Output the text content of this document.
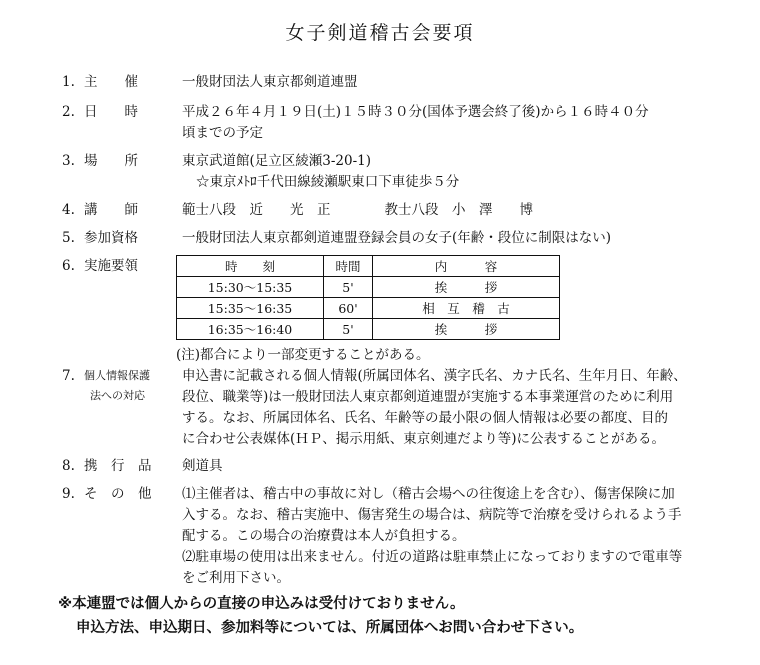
女子剣道稽古会要項
1. 主　　催	一般財団法人東京都剣道連盟

2. 日　　時	平成２６年４月１９日(土)１５時３０分(国体予選会終了後)から１６時４０分

頃までの予定

3. 場　　所	東京武道館(足立区綾瀬3-20-1)

☆東京ﾒﾄﾛ千代田線綾瀬駅東口下車徒歩５分

4. 講　　師	範士八段　近　　光　正　　　　教士八段　小　澤　　博

5. 参加資格	一般財団法人東京都剣道連盟登録会員の女子(年齢・段位に制限はない)

6. 実施要領	時　　刻	時間	内　　　容
15:30～15:35	5'	挨　　　拶
15:35～16:35	60'	相　互　稽　古
16:35～16:40	5'	挨　　　拶
(注)都合により一部変更することがある。
7. 個人情報保護
法への対応

申込書に記載される個人情報(所属団体名、漢字氏名、カナ氏名、生年月日、年齢、

段位、職業等)は一般財団法人東京都剣道連盟が実施する本事業運営のために利用

する。なお、所属団体名、氏名、年齢等の最小限の個人情報は必要の都度、目的

に合わせ公表媒体(ＨＰ、掲示用紙、東京剣連だより等)に公表することがある。

8. 携　行　品	剣道具

9. そ　の　他	⑴主催者は、稽古中の事故に対し（稽古会場への往復途上を含む）、傷害保険に加

入する。なお、稽古実施中、傷害発生の場合は、病院等で治療を受けられるよう手

配する。この場合の治療費は本人が負担する。

⑵駐車場の使用は出来ません。付近の道路は駐車禁止になっておりますので電車等

をご利用下さい。

※本連盟では個人からの直接の申込みは受付けておりません。

申込方法、申込期日、参加料等については、所属団体へお問い合わせ下さい。
